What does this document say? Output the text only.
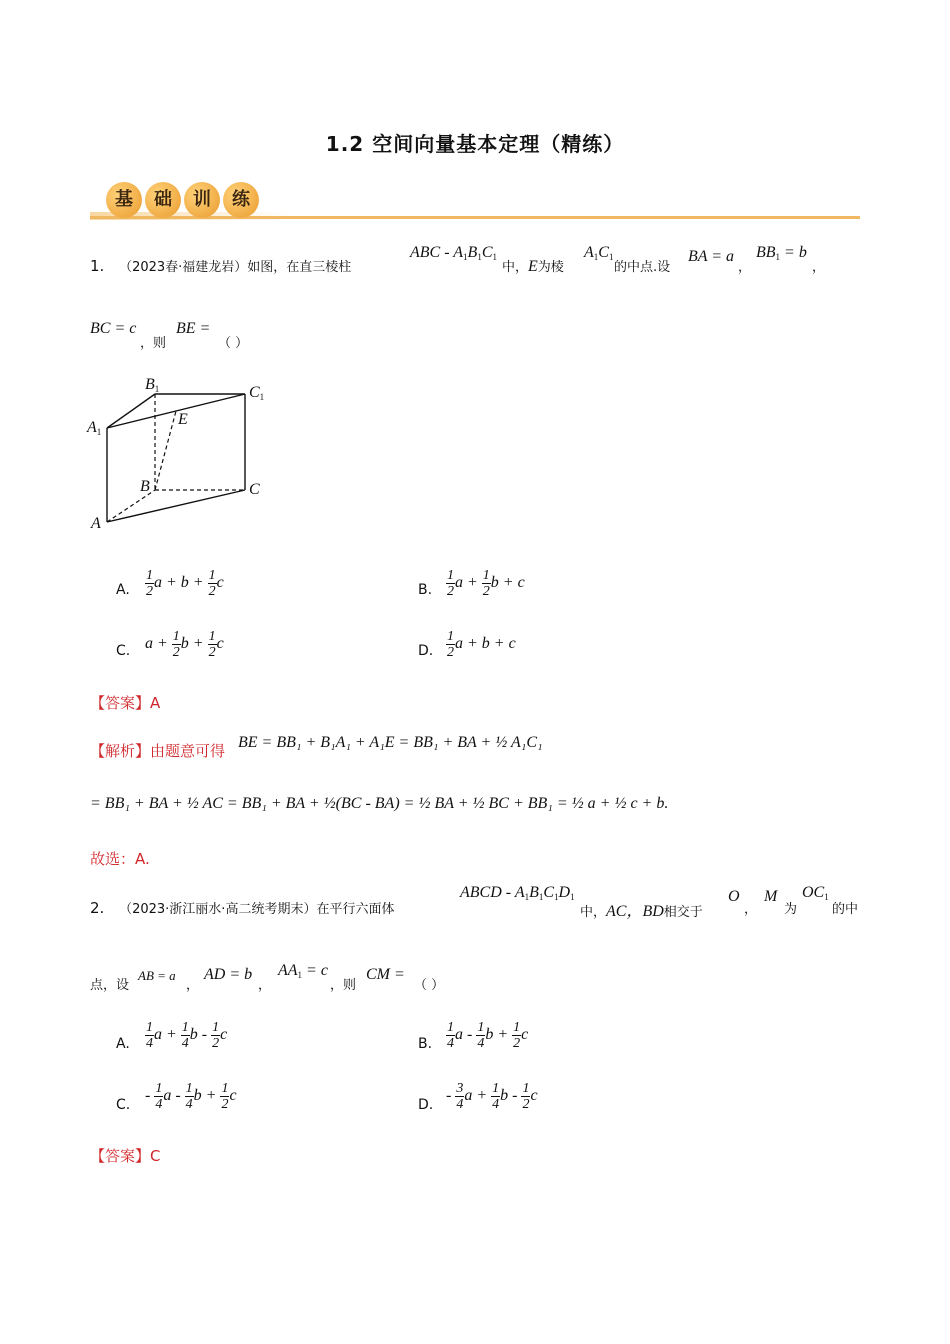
1.2 空间向量基本定理（精练）
基	础	训	练
1. （2023春·福建龙岩）如图，在直三棱柱
ABC - $A_1B_1C_1$
中，E为棱
$A_1C_1$
的中点.设
BA = a
，
$BB_1 = b$
，
BC = c
，则
BE =
（ ）
B1	C1
A1
E
B	C
A
A. $\frac{1}{2}$ $a + b + \frac{1}{2}$ c	B. $\frac{1}{2}$ $a + \frac{1}{2}$ b + c
C. $a + \frac{1}{2}$ $b + \frac{1}{2}$ c	D. $\frac{1}{2}$ a + b + c
【答案】A
【解析】由题意可得 BE = BB₁ + B₁A₁ + A₁E = BB₁ + BA + ½ A₁C₁
= BB₁ + BA + ½ AC = BB₁ + BA + ½(BC - BA) = ½ BA + ½ BC + BB₁ = ½ a + ½ c + b.
故选：A.
2. （2023·浙江丽水·高二统考期末）在平行六面体
ABCD - $A_1B_1C_1D_1$
中，AC，BD相交于
O
，
M
为
$OC_1$
的中
点，设
AB = a
，
AD = b
，
$AA_1 = c$
，则
CM =
（ ）
A. $\frac{1}{4}$ $a + \frac{1}{4}$ b - $\frac{1}{2}$ c
B. $\frac{1}{4}$ a - $\frac{1}{4}$ $b + \frac{1}{2}$ c
C.
- $\frac{1}{4}$ a - $\frac{1}{4}$ $b + \frac{1}{2}$ c
D.
- $\frac{3}{4}$ $a + \frac{1}{4}$ b - $\frac{1}{2}$ c
【答案】C
